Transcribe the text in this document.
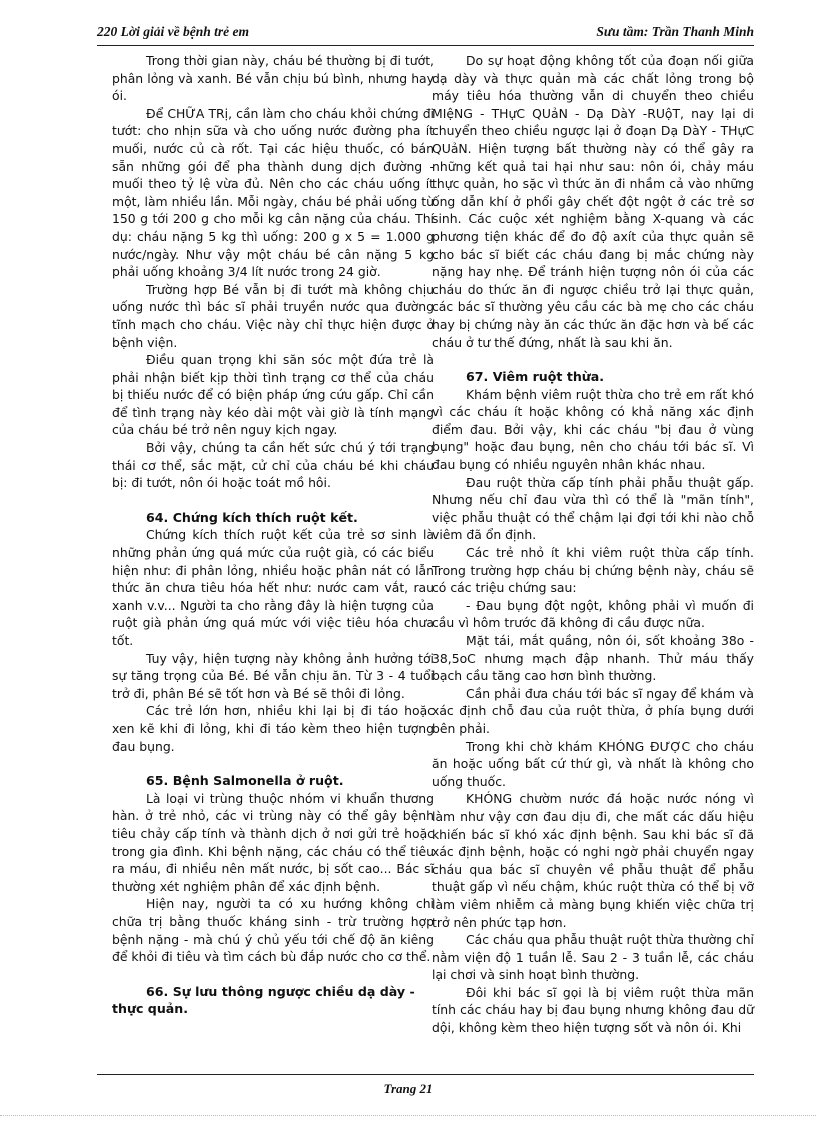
220 Lời giải về bệnh trẻ em	Sưu tầm: Trần Thanh Minh

Trong thời gian này, cháu bé thường bị đi tướt, phân lỏng và xanh. Bé vẫn chịu bú bình, nhưng hay ói.

Để CHỮA TRị, cần làm cho cháu khỏi chứng đi tướt: cho nhịn sữa và cho uống nước đường pha ít muối, nước củ cà rốt. Tại các hiệu thuốc, có bán sẵn những gói để pha thành dung dịch đường - muối theo tỷ lệ vừa đủ. Nên cho các cháu uống ít một, làm nhiều lần. Mỗi ngày, cháu bé phải uống từ 150 g tới 200 g cho mỗi kg cân nặng của cháu. Thí dụ: cháu nặng 5 kg thì uống: 200 g x 5 = 1.000 g nước/ngày. Như vậy một cháu bé cân nặng 5 kg phải uống khoảng 3/4 lít nước trong 24 giờ.

Trường hợp Bé vẫn bị đi tướt mà không chịu uống nước thì bác sĩ phải truyền nước qua đường tĩnh mạch cho cháu. Việc này chỉ thực hiện được ở bệnh viện.

Điều quan trọng khi săn sóc một đứa trẻ là phải nhận biết kịp thời tình trạng cơ thể của cháu bị thiếu nước để có biện pháp ứng cứu gấp. Chỉ cần để tình trạng này kéo dài một vài giờ là tính mạng của cháu bé trở nên nguy kịch ngay.

Bởi vậy, chúng ta cần hết sức chú ý tới trạng thái cơ thể, sắc mặt, cử chỉ của cháu bé khi cháu bị: đi tướt, nôn ói hoặc toát mồ hôi.

64. Chứng kích thích ruột kết.

Chứng kích thích ruột kết của trẻ sơ sinh là những phản ứng quá mức của ruột già, có các biểu hiện như: đi phân lỏng, nhiều hoặc phân nát có lẫn thức ăn chưa tiêu hóa hết như: nước cam vắt, rau xanh v.v... Người ta cho rằng đây là hiện tượng của ruột già phản ứng quá mức với việc tiêu hóa chưa tốt.

Tuy vậy, hiện tượng này không ảnh hưởng tới sự tăng trọng của Bé. Bé vẫn chịu ăn. Từ 3 - 4 tuổi trở đi, phân Bé sẽ tốt hơn và Bé sẽ thôi đi lỏng.

Các trẻ lớn hơn, nhiều khi lại bị đi táo hoặc xen kẽ khi đi lỏng, khi đi táo kèm theo hiện tượng đau bụng.

65. Bệnh Salmonella ở ruột.

Là loại vi trùng thuộc nhóm vi khuẩn thương hàn. ở trẻ nhỏ, các vi trùng này có thể gây bệnh tiêu chảy cấp tính và thành dịch ở nơi gửi trẻ hoặc trong gia đình. Khi bệnh nặng, các cháu có thể tiêu ra máu, đi nhiều nên mất nước, bị sốt cao... Bác sĩ thường xét nghiệm phân để xác định bệnh.

Hiện nay, người ta có xu hướng không chỉ chữa trị bằng thuốc kháng sinh - trừ trường hợp bệnh nặng - mà chú ý chủ yếu tới chế độ ăn kiêng để khỏi đi tiêu và tìm cách bù đắp nước cho cơ thể.

66. Sự lưu thông ngược chiều dạ dày - thực quản.

Do sự hoạt động không tốt của đoạn nối giữa dạ dày và thực quản mà các chất lỏng trong bộ máy tiêu hóa thường vẫn di chuyển theo chiều MIệNG - THựC QUảN - Dạ DàY -RUộT, nay lại di chuyển theo chiều ngược lại ở đoạn Dạ DàY - THựC QUảN. Hiện tượng bất thường này có thể gây ra những kết quả tai hại như sau: nôn ói, chảy máu thực quản, ho sặc vì thức ăn đi nhầm cả vào những ống dẫn khí ở phổi gây chết đột ngột ở các trẻ sơ sinh. Các cuộc xét nghiệm bằng X-quang và các phương tiện khác để đo độ axít của thực quản sẽ cho bác sĩ biết các cháu đang bị mắc chứng này nặng hay nhẹ. Để tránh hiện tượng nôn ói của các cháu do thức ăn đi ngược chiều trở lại thực quản, các bác sĩ thường yêu cầu các bà mẹ cho các cháu hay bị chứng này ăn các thức ăn đặc hơn và bế các cháu ở tư thế đứng, nhất là sau khi ăn.

67. Viêm ruột thừa.

Khám bệnh viêm ruột thừa cho trẻ em rất khó vì các cháu ít hoặc không có khả năng xác định điểm đau. Bởi vậy, khi các cháu "bị đau ở vùng bụng" hoặc đau bụng, nên cho cháu tới bác sĩ. Vì đau bụng có nhiều nguyên nhân khác nhau.

Đau ruột thừa cấp tính phải phẫu thuật gấp. Nhưng nếu chỉ đau vừa thì có thể là "mãn tính", việc phẫu thuật có thể chậm lại đợi tới khi nào chỗ viêm đã ổn định.

Các trẻ nhỏ ít khi viêm ruột thừa cấp tính. Trong trường hợp cháu bị chứng bệnh này, cháu sẽ có các triệu chứng sau:

- Đau bụng đột ngột, không phải vì muốn đi cầu vì hôm trước đã không đi cầu được nữa.

Mặt tái, mắt quầng, nôn ói, sốt khoảng 38o - 38,5oC nhưng mạch đập nhanh. Thử máu thấy bạch cầu tăng cao hơn bình thường.

Cần phải đưa cháu tới bác sĩ ngay để khám và xác định chỗ đau của ruột thừa, ở phía bụng dưới bên phải.

Trong khi chờ khám KHÓNG ĐƯỢC cho cháu ăn hoặc uống bất cứ thứ gì, và nhất là không cho uống thuốc.

KHÓNG chườm nước đá hoặc nước nóng vì làm như vậy cơn đau dịu đi, che mất các dấu hiệu khiến bác sĩ khó xác định bệnh. Sau khi bác sĩ đã xác định bệnh, hoặc có nghi ngờ phải chuyển ngay cháu qua bác sĩ chuyên về phẫu thuật để phẫu thuật gấp vì nếu chậm, khúc ruột thừa có thể bị vỡ làm viêm nhiễm cả màng bụng khiến việc chữa trị trở nên phức tạp hơn.

Các cháu qua phẫu thuật ruột thừa thường chỉ nằm viện độ 1 tuần lễ. Sau 2 - 3 tuần lễ, các cháu lại chơi và sinh hoạt bình thường.

Đôi khi bác sĩ gọi là bị viêm ruột thừa mãn tính các cháu hay bị đau bụng nhưng không đau dữ dội, không kèm theo hiện tượng sốt và nôn ói. Khi

Trang 21
